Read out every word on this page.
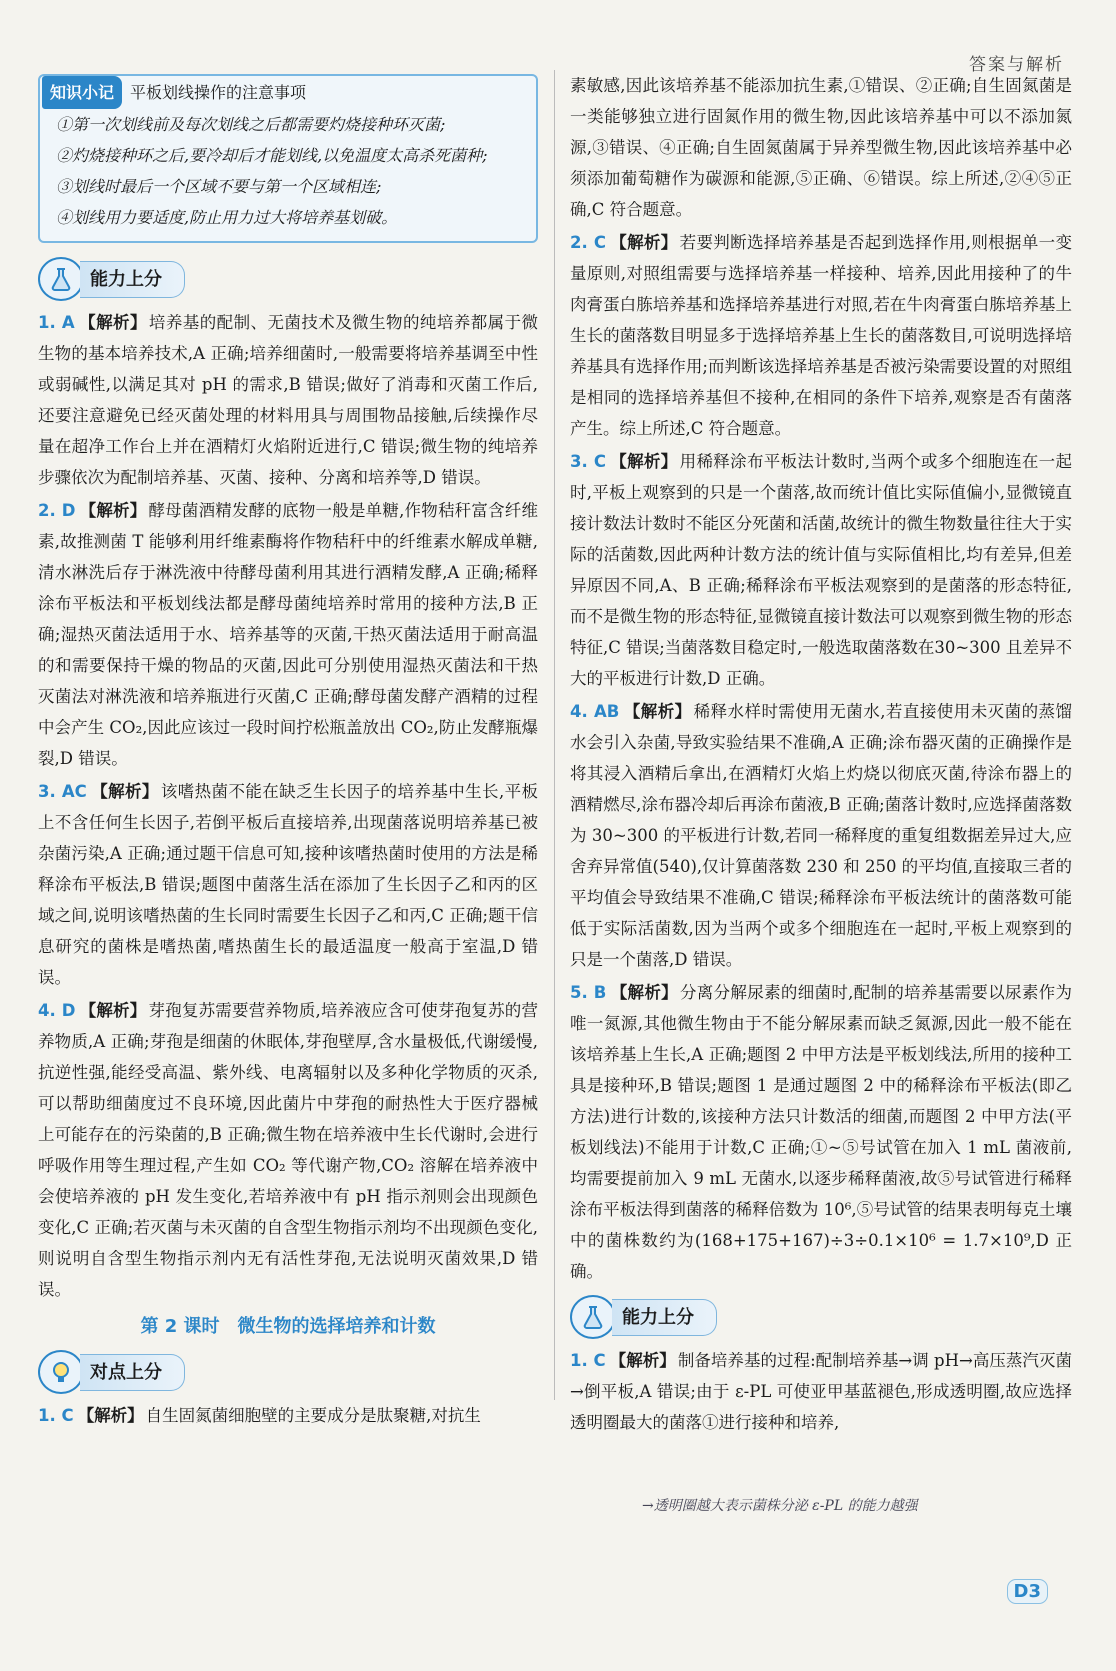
答案与解析
知识小记	平板划线操作的注意事项

①第一次划线前及每次划线之后都需要灼烧接种环灭菌;

②灼烧接种环之后,要冷却后才能划线,以免温度太高杀死菌种;

③划线时最后一个区域不要与第一个区域相连;

④划线用力要适度,防止用力过大将培养基划破。

能力上分

1. A 【解析】 培养基的配制、无菌技术及微生物的纯培养都属于微生物的基本培养技术,A 正确;培养细菌时,一般需要将培养基调至中性或弱碱性,以满足其对 pH 的需求,B 错误;做好了消毒和灭菌工作后,还要注意避免已经灭菌处理的材料用具与周围物品接触,后续操作尽量在超净工作台上并在酒精灯火焰附近进行,C 错误;微生物的纯培养步骤依次为配制培养基、灭菌、接种、分离和培养等,D 错误。

2. D 【解析】 酵母菌酒精发酵的底物一般是单糖,作物秸秆富含纤维素,故推测菌 T 能够利用纤维素酶将作物秸秆中的纤维素水解成单糖,清水淋洗后存于淋洗液中待酵母菌利用其进行酒精发酵,A 正确;稀释涂布平板法和平板划线法都是酵母菌纯培养时常用的接种方法,B 正确;湿热灭菌法适用于水、培养基等的灭菌,干热灭菌法适用于耐高温的和需要保持干燥的物品的灭菌,因此可分别使用湿热灭菌法和干热灭菌法对淋洗液和培养瓶进行灭菌,C 正确;酵母菌发酵产酒精的过程中会产生 CO₂,因此应该过一段时间拧松瓶盖放出 CO₂,防止发酵瓶爆裂,D 错误。

3. AC 【解析】 该嗜热菌不能在缺乏生长因子的培养基中生长,平板上不含任何生长因子,若倒平板后直接培养,出现菌落说明培养基已被杂菌污染,A 正确;通过题干信息可知,接种该嗜热菌时使用的方法是稀释涂布平板法,B 错误;题图中菌落生活在添加了生长因子乙和丙的区域之间,说明该嗜热菌的生长同时需要生长因子乙和丙,C 正确;题干信息研究的菌株是嗜热菌,嗜热菌生长的最适温度一般高于室温,D 错误。

4. D 【解析】 芽孢复苏需要营养物质,培养液应含可使芽孢复苏的营养物质,A 正确;芽孢是细菌的休眠体,芽孢壁厚,含水量极低,代谢缓慢,抗逆性强,能经受高温、紫外线、电离辐射以及多种化学物质的灭杀,可以帮助细菌度过不良环境,因此菌片中芽孢的耐热性大于医疗器械上可能存在的污染菌的,B 正确;微生物在培养液中生长代谢时,会进行呼吸作用等生理过程,产生如 CO₂ 等代谢产物,CO₂ 溶解在培养液中会使培养液的 pH 发生变化,若培养液中有 pH 指示剂则会出现颜色变化,C 正确;若灭菌与未灭菌的自含型生物指示剂均不出现颜色变化,则说明自含型生物指示剂内无有活性芽孢,无法说明灭菌效果,D 错误。

第 2 课时　微生物的选择培养和计数
对点上分

1. C 【解析】 自生固氮菌细胞壁的主要成分是肽聚糖,对抗生

素敏感,因此该培养基不能添加抗生素,①错误、②正确;自生固氮菌是一类能够独立进行固氮作用的微生物,因此该培养基中可以不添加氮源,③错误、④正确;自生固氮菌属于异养型微生物,因此该培养基中必须添加葡萄糖作为碳源和能源,⑤正确、⑥错误。综上所述,②④⑤正确,C 符合题意。

2. C 【解析】 若要判断选择培养基是否起到选择作用,则根据单一变量原则,对照组需要与选择培养基一样接种、培养,因此用接种了的牛肉膏蛋白胨培养基和选择培养基进行对照,若在牛肉膏蛋白胨培养基上生长的菌落数目明显多于选择培养基上生长的菌落数目,可说明选择培养基具有选择作用;而判断该选择培养基是否被污染需要设置的对照组是相同的选择培养基但不接种,在相同的条件下培养,观察是否有菌落产生。综上所述,C 符合题意。

3. C 【解析】 用稀释涂布平板法计数时,当两个或多个细胞连在一起时,平板上观察到的只是一个菌落,故而统计值比实际值偏小,显微镜直接计数法计数时不能区分死菌和活菌,故统计的微生物数量往往大于实际的活菌数,因此两种计数方法的统计值与实际值相比,均有差异,但差异原因不同,A、B 正确;稀释涂布平板法观察到的是菌落的形态特征,而不是微生物的形态特征,显微镜直接计数法可以观察到微生物的形态特征,C 错误;当菌落数目稳定时,一般选取菌落数在30~300 且差异不大的平板进行计数,D 正确。

4. AB 【解析】 稀释水样时需使用无菌水,若直接使用未灭菌的蒸馏水会引入杂菌,导致实验结果不准确,A 正确;涂布器灭菌的正确操作是将其浸入酒精后拿出,在酒精灯火焰上灼烧以彻底灭菌,待涂布器上的酒精燃尽,涂布器冷却后再涂布菌液,B 正确;菌落计数时,应选择菌落数为 30~300 的平板进行计数,若同一稀释度的重复组数据差异过大,应舍弃异常值(540),仅计算菌落数 230 和 250 的平均值,直接取三者的平均值会导致结果不准确,C 错误;稀释涂布平板法统计的菌落数可能低于实际活菌数,因为当两个或多个细胞连在一起时,平板上观察到的只是一个菌落,D 错误。

5. B 【解析】 分离分解尿素的细菌时,配制的培养基需要以尿素作为唯一氮源,其他微生物由于不能分解尿素而缺乏氮源,因此一般不能在该培养基上生长,A 正确;题图 2 中甲方法是平板划线法,所用的接种工具是接种环,B 错误;题图 1 是通过题图 2 中的稀释涂布平板法(即乙方法)进行计数的,该接种方法只计数活的细菌,而题图 2 中甲方法(平板划线法)不能用于计数,C 正确;①~⑤号试管在加入 1 mL 菌液前,均需要提前加入 9 mL 无菌水,以逐步稀释菌液,故⑤号试管进行稀释涂布平板法得到菌落的稀释倍数为 10⁶,⑤号试管的结果表明每克土壤中的菌株数约为(168+175+167)÷3÷0.1×10⁶ = 1.7×10⁹,D 正确。

能力上分

1. C 【解析】 制备培养基的过程:配制培养基→调 pH→高压蒸汽灭菌→倒平板,A 错误;由于 ε-PL 可使亚甲基蓝褪色,形成透明圈,故应选择透明圈最大的菌落①进行接种和培养,

→透明圈越大表示菌株分泌 ε-PL 的能力越强
D3
